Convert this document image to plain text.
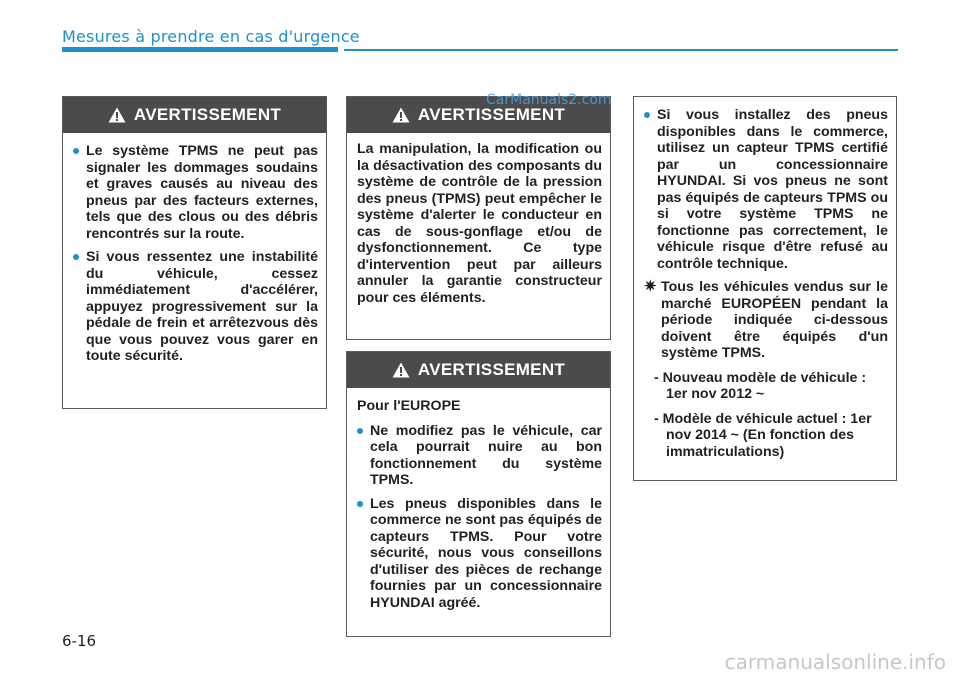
Mesures à prendre en cas d'urgence
AVERTISSEMENT
Le système TPMS ne peut pas signaler les dommages soudains et graves causés au niveau des pneus par des facteurs externes, tels que des clous ou des débris rencontrés sur la route.
Si vous ressentez une instabilité du véhicule, cessez immédiatement d'accélérer, appuyez progressivement sur la pédale de frein et arrêtezvous dès que vous pouvez vous garer en toute sécurité.
AVERTISSEMENT
La manipulation, la modification ou la désactivation des composants du système de contrôle de la pression des pneus (TPMS) peut empêcher le système d'alerter le conducteur en cas de sous-gonflage et/ou de dysfonctionnement. Ce type d'intervention peut par ailleurs annuler la garantie constructeur pour ces éléments.
CarManuals2.com
AVERTISSEMENT
Pour l'EUROPE
Ne modifiez pas le véhicule, car cela pourrait nuire au bon fonctionnement du système TPMS.
Les pneus disponibles dans le commerce ne sont pas équipés de capteurs TPMS. Pour votre sécurité, nous vous conseillons d'utiliser des pièces de rechange fournies par un concessionnaire HYUNDAI agréé.
Si vous installez des pneus disponibles dans le commerce, utilisez un capteur TPMS certifié par un concessionnaire HYUNDAI. Si vos pneus ne sont pas équipés de capteurs TPMS ou si votre système TPMS ne fonctionne pas correctement, le véhicule risque d'être refusé au contrôle technique.
✷ Tous les véhicules vendus sur le marché EUROPÉEN pendant la période indiquée ci-dessous doivent être équipés d'un système TPMS.
- Nouveau modèle de véhicule : 1er nov 2012 ~
- Modèle de véhicule actuel : 1er nov 2014 ~ (En fonction des immatriculations)
6-16
carmanualsonline.info
